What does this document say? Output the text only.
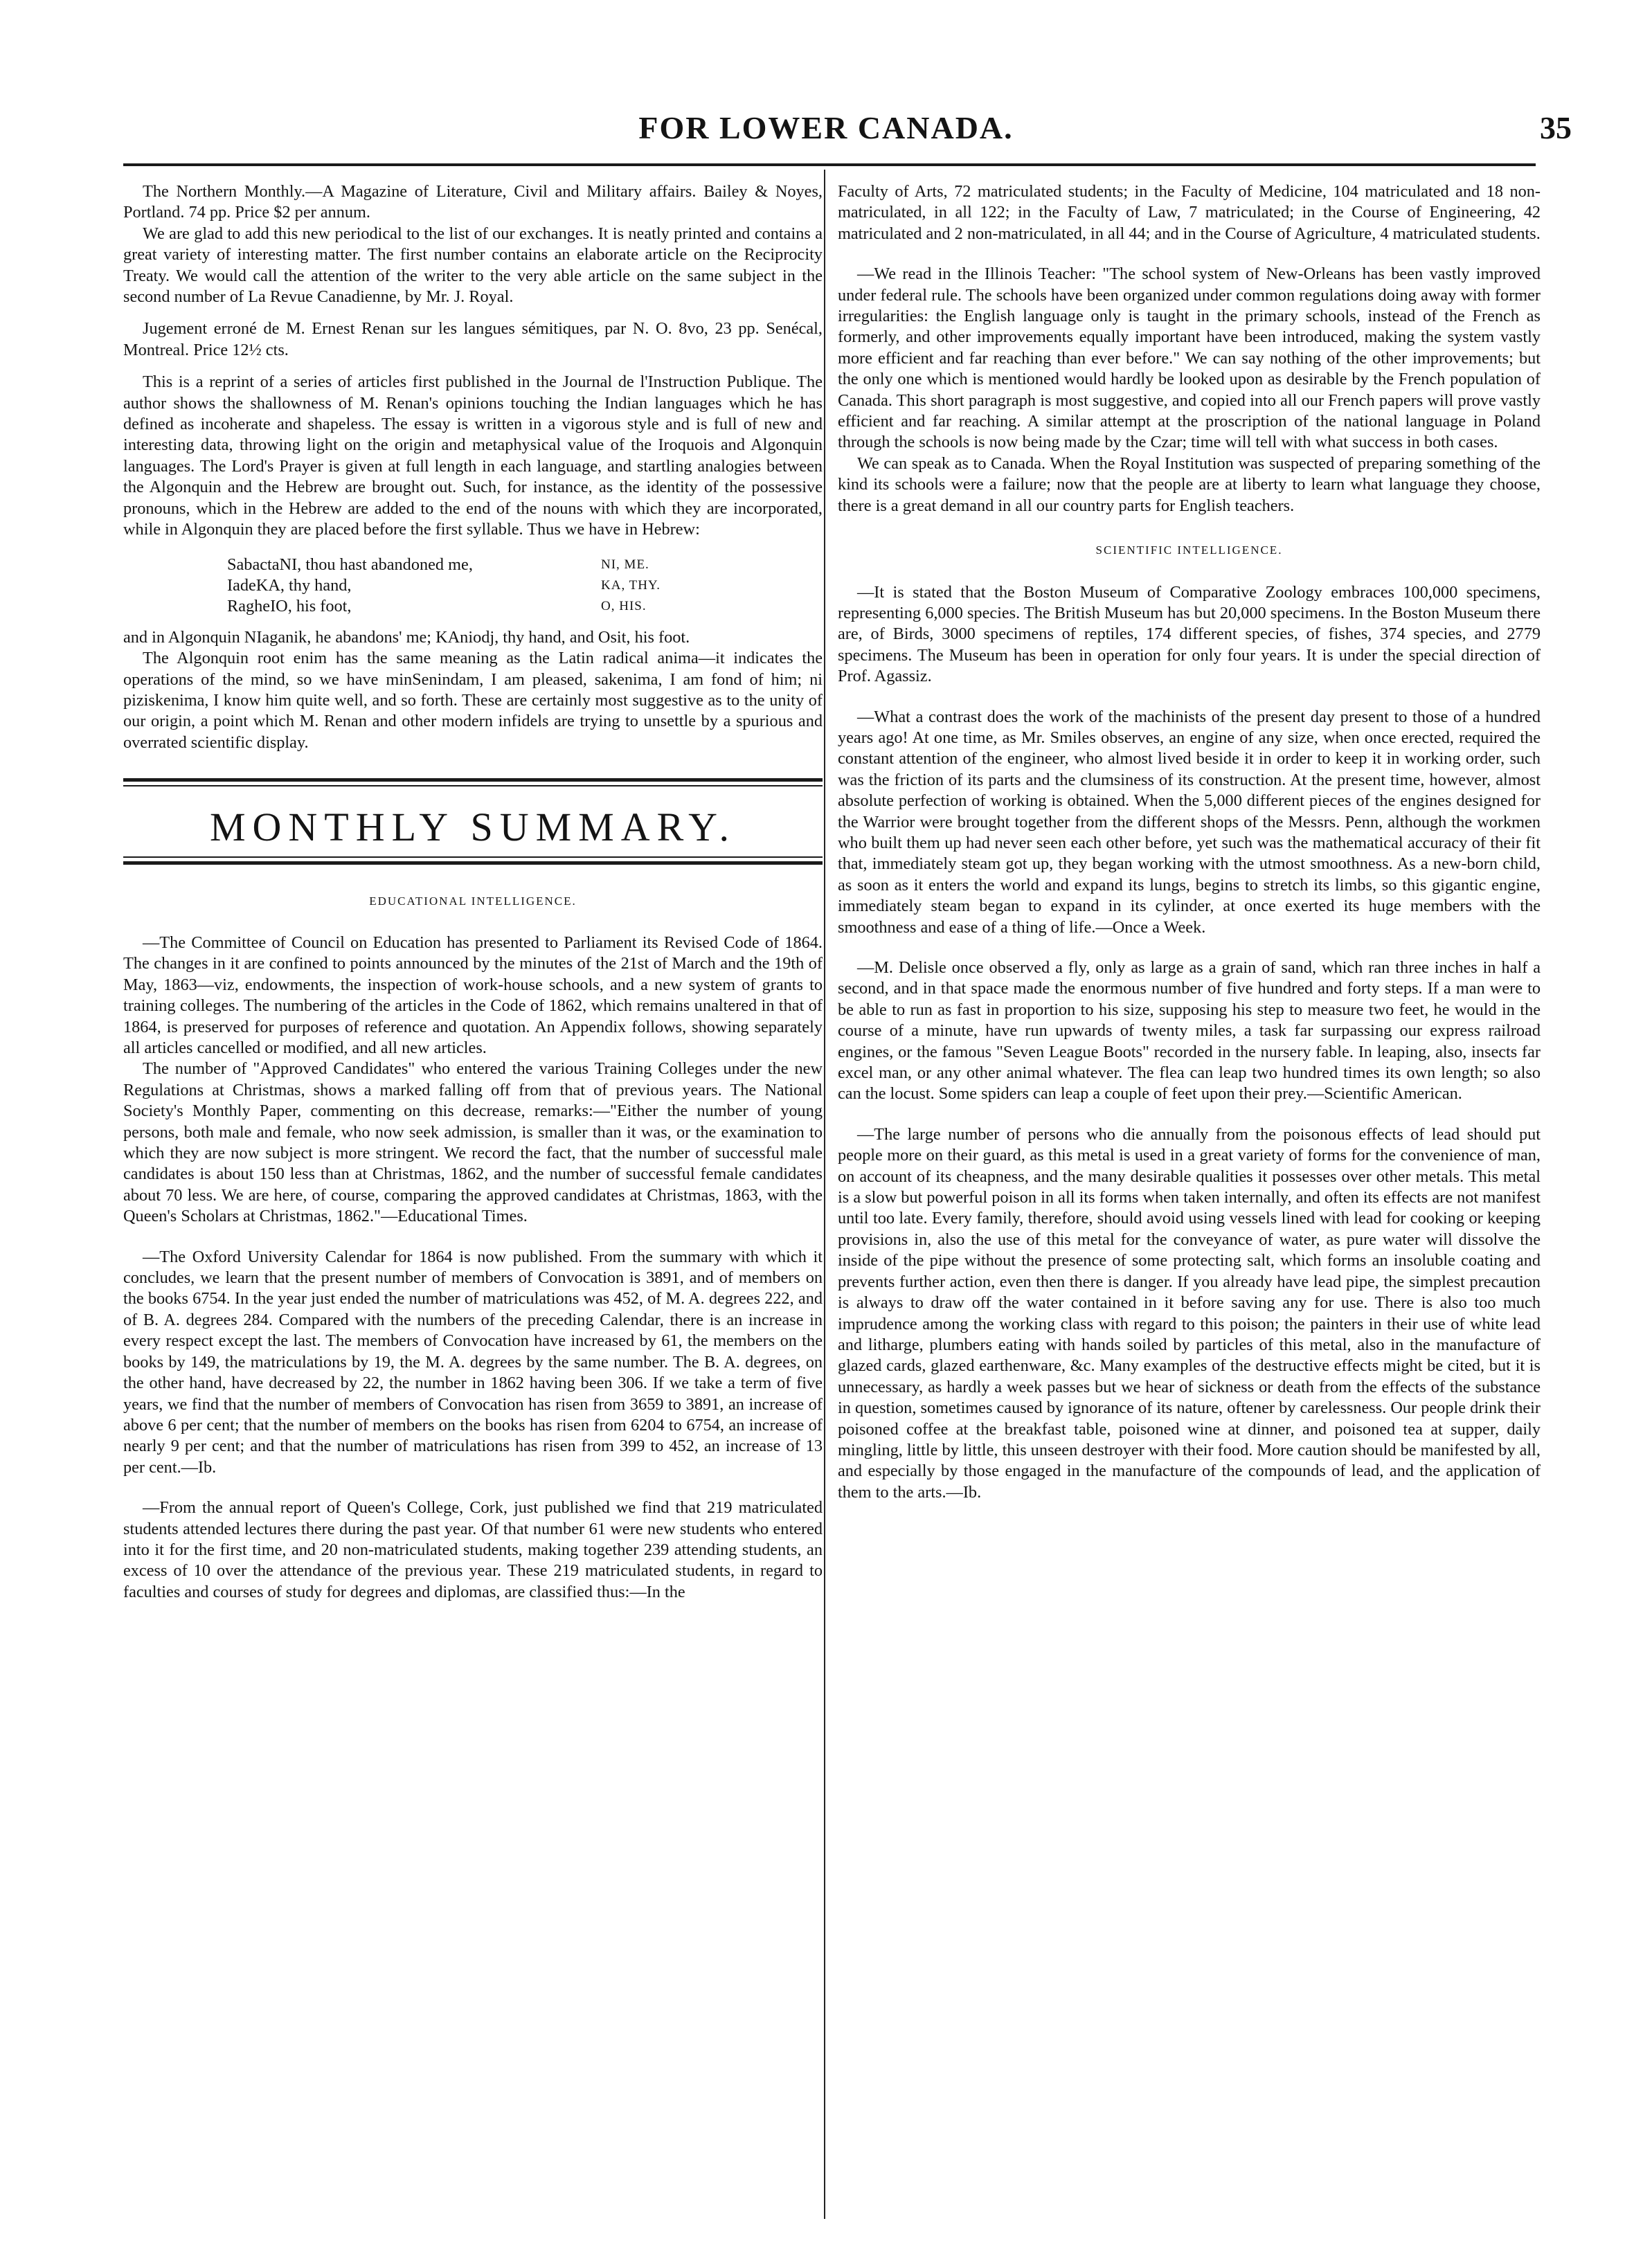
FOR LOWER CANADA.	35

The Northern Monthly.—A Magazine of Literature, Civil and Military affairs. Bailey & Noyes, Portland. 74 pp. Price $2 per annum.

We are glad to add this new periodical to the list of our exchanges. It is neatly printed and contains a great variety of interesting matter. The first number contains an elaborate article on the Reciprocity Treaty. We would call the attention of the writer to the very able article on the same subject in the second number of La Revue Canadienne, by Mr. J. Royal.

Jugement erroné de M. Ernest Renan sur les langues sémitiques, par N. O. 8vo, 23 pp. Senécal, Montreal. Price 12½ cts.

This is a reprint of a series of articles first published in the Journal de l'Instruction Publique. The author shows the shallowness of M. Renan's opinions touching the Indian languages which he has defined as incoherate and shapeless. The essay is written in a vigorous style and is full of new and interesting data, throwing light on the origin and metaphysical value of the Iroquois and Algonquin languages. The Lord's Prayer is given at full length in each language, and startling analogies between the Algonquin and the Hebrew are brought out. Such, for instance, as the identity of the possessive pronouns, which in the Hebrew are added to the end of the nouns with which they are incorporated, while in Algonquin they are placed before the first syllable. Thus we have in Hebrew:

SabactaNI, thou hast abandoned me,	NI, ME.
IadeKA, thy hand,	KA, THY.
RagheIO, his foot,	O, HIS.

and in Algonquin NIaganik, he abandons' me; KAniodj, thy hand, and Osit, his foot.

The Algonquin root enim has the same meaning as the Latin radical anima—it indicates the operations of the mind, so we have minSenindam, I am pleased, sakenima, I am fond of him; ni piziskenima, I know him quite well, and so forth. These are certainly most suggestive as to the unity of our origin, a point which M. Renan and other modern infidels are trying to unsettle by a spurious and overrated scientific display.

MONTHLY SUMMARY.

EDUCATIONAL INTELLIGENCE.

—The Committee of Council on Education has presented to Parliament its Revised Code of 1864. The changes in it are confined to points announced by the minutes of the 21st of March and the 19th of May, 1863—viz, endowments, the inspection of work-house schools, and a new system of grants to training colleges. The numbering of the articles in the Code of 1862, which remains unaltered in that of 1864, is preserved for purposes of reference and quotation. An Appendix follows, showing separately all articles cancelled or modified, and all new articles.

The number of "Approved Candidates" who entered the various Training Colleges under the new Regulations at Christmas, shows a marked falling off from that of previous years. The National Society's Monthly Paper, commenting on this decrease, remarks:—"Either the number of young persons, both male and female, who now seek admission, is smaller than it was, or the examination to which they are now subject is more stringent. We record the fact, that the number of successful male candidates is about 150 less than at Christmas, 1862, and the number of successful female candidates about 70 less. We are here, of course, comparing the approved candidates at Christmas, 1863, with the Queen's Scholars at Christmas, 1862."—Educational Times.

—The Oxford University Calendar for 1864 is now published. From the summary with which it concludes, we learn that the present number of members of Convocation is 3891, and of members on the books 6754. In the year just ended the number of matriculations was 452, of M. A. degrees 222, and of B. A. degrees 284. Compared with the numbers of the preceding Calendar, there is an increase in every respect except the last. The members of Convocation have increased by 61, the members on the books by 149, the matriculations by 19, the M. A. degrees by the same number. The B. A. degrees, on the other hand, have decreased by 22, the number in 1862 having been 306. If we take a term of five years, we find that the number of members of Convocation has risen from 3659 to 3891, an increase of above 6 per cent; that the number of members on the books has risen from 6204 to 6754, an increase of nearly 9 per cent; and that the number of matriculations has risen from 399 to 452, an increase of 13 per cent.—Ib.

—From the annual report of Queen's College, Cork, just published we find that 219 matriculated students attended lectures there during the past year. Of that number 61 were new students who entered into it for the first time, and 20 non-matriculated students, making together 239 attending students, an excess of 10 over the attendance of the previous year. These 219 matriculated students, in regard to faculties and courses of study for degrees and diplomas, are classified thus:—In the

Faculty of Arts, 72 matriculated students; in the Faculty of Medicine, 104 matriculated and 18 non-matriculated, in all 122; in the Faculty of Law, 7 matriculated; in the Course of Engineering, 42 matriculated and 2 non-matriculated, in all 44; and in the Course of Agriculture, 4 matriculated students.

—We read in the Illinois Teacher: "The school system of New-Orleans has been vastly improved under federal rule. The schools have been organized under common regulations doing away with former irregularities: the English language only is taught in the primary schools, instead of the French as formerly, and other improvements equally important have been introduced, making the system vastly more efficient and far reaching than ever before." We can say nothing of the other improvements; but the only one which is mentioned would hardly be looked upon as desirable by the French population of Canada. This short paragraph is most suggestive, and copied into all our French papers will prove vastly efficient and far reaching. A similar attempt at the proscription of the national language in Poland through the schools is now being made by the Czar; time will tell with what success in both cases.

We can speak as to Canada. When the Royal Institution was suspected of preparing something of the kind its schools were a failure; now that the people are at liberty to learn what language they choose, there is a great demand in all our country parts for English teachers.

SCIENTIFIC INTELLIGENCE.

—It is stated that the Boston Museum of Comparative Zoology embraces 100,000 specimens, representing 6,000 species. The British Museum has but 20,000 specimens. In the Boston Museum there are, of Birds, 3000 specimens of reptiles, 174 different species, of fishes, 374 species, and 2779 specimens. The Museum has been in operation for only four years. It is under the special direction of Prof. Agassiz.

—What a contrast does the work of the machinists of the present day present to those of a hundred years ago! At one time, as Mr. Smiles observes, an engine of any size, when once erected, required the constant attention of the engineer, who almost lived beside it in order to keep it in working order, such was the friction of its parts and the clumsiness of its construction. At the present time, however, almost absolute perfection of working is obtained. When the 5,000 different pieces of the engines designed for the Warrior were brought together from the different shops of the Messrs. Penn, although the workmen who built them up had never seen each other before, yet such was the mathematical accuracy of their fit that, immediately steam got up, they began working with the utmost smoothness. As a new-born child, as soon as it enters the world and expand its lungs, begins to stretch its limbs, so this gigantic engine, immediately steam began to expand in its cylinder, at once exerted its huge members with the smoothness and ease of a thing of life.—Once a Week.

—M. Delisle once observed a fly, only as large as a grain of sand, which ran three inches in half a second, and in that space made the enormous number of five hundred and forty steps. If a man were to be able to run as fast in proportion to his size, supposing his step to measure two feet, he would in the course of a minute, have run upwards of twenty miles, a task far surpassing our express railroad engines, or the famous "Seven League Boots" recorded in the nursery fable. In leaping, also, insects far excel man, or any other animal whatever. The flea can leap two hundred times its own length; so also can the locust. Some spiders can leap a couple of feet upon their prey.—Scientific American.

—The large number of persons who die annually from the poisonous effects of lead should put people more on their guard, as this metal is used in a great variety of forms for the convenience of man, on account of its cheapness, and the many desirable qualities it possesses over other metals. This metal is a slow but powerful poison in all its forms when taken internally, and often its effects are not manifest until too late. Every family, therefore, should avoid using vessels lined with lead for cooking or keeping provisions in, also the use of this metal for the conveyance of water, as pure water will dissolve the inside of the pipe without the presence of some protecting salt, which forms an insoluble coating and prevents further action, even then there is danger. If you already have lead pipe, the simplest precaution is always to draw off the water contained in it before saving any for use. There is also too much imprudence among the working class with regard to this poison; the painters in their use of white lead and litharge, plumbers eating with hands soiled by particles of this metal, also in the manufacture of glazed cards, glazed earthenware, &c. Many examples of the destructive effects might be cited, but it is unnecessary, as hardly a week passes but we hear of sickness or death from the effects of the substance in question, sometimes caused by ignorance of its nature, oftener by carelessness. Our people drink their poisoned coffee at the breakfast table, poisoned wine at dinner, and poisoned tea at supper, daily mingling, little by little, this unseen destroyer with their food. More caution should be manifested by all, and especially by those engaged in the manufacture of the compounds of lead, and the application of them to the arts.—Ib.
